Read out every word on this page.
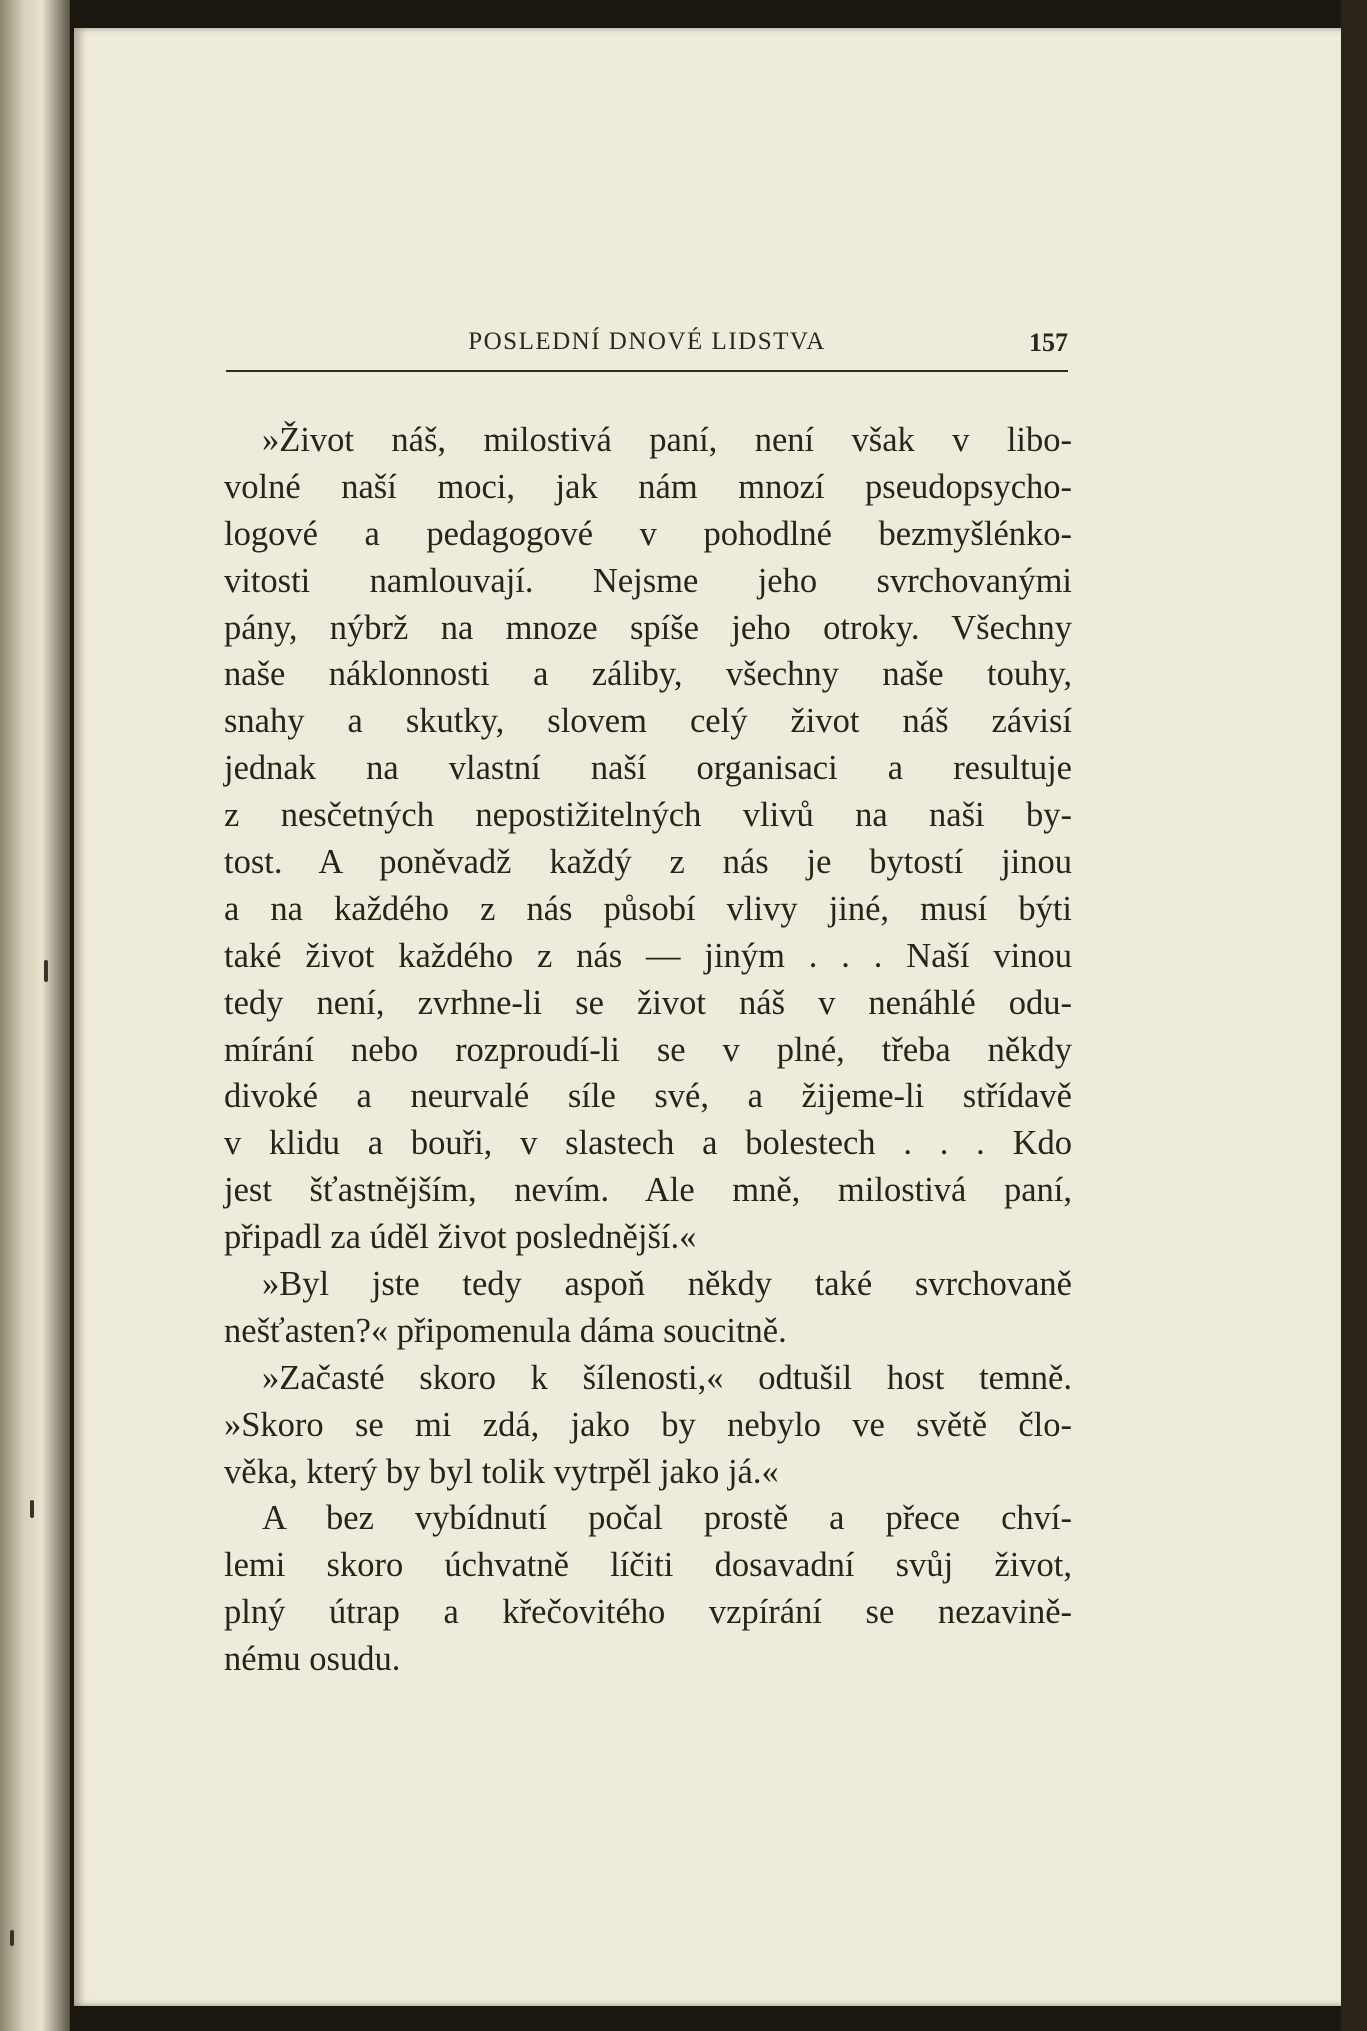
POSLEDNÍ DNOVÉ LIDSTVA	157
»Život náš, milostivá paní, není však v libo-
volné naší moci, jak nám mnozí pseudopsycho-
logové a pedagogové v pohodlné bezmyšlénko-
vitosti namlouvají. Nejsme jeho svrchovanými
pány, nýbrž na mnoze spíše jeho otroky. Všechny
naše náklonnosti a záliby, všechny naše touhy,
snahy a skutky, slovem celý život náš závisí
jednak na vlastní naší organisaci a resultuje
z nesčetných nepostižitelných vlivů na naši by-
tost. A poněvadž každý z nás je bytostí jinou
a na každého z nás působí vlivy jiné, musí býti
také život každého z nás — jiným . . . Naší vinou
tedy není, zvrhne-li se život náš v nenáhlé odu-
mírání nebo rozproudí-li se v plné, třeba někdy
divoké a neurvalé síle své, a žijeme-li střídavě
v klidu a bouři, v slastech a bolestech . . . Kdo
jest šťastnějším, nevím. Ale mně, milostivá paní,
připadl za úděl život poslednější.«
»Byl jste tedy aspoň někdy také svrchovaně
nešťasten?« připomenula dáma soucitně.
»Začasté skoro k šílenosti,« odtušil host temně.
»Skoro se mi zdá, jako by nebylo ve světě člo-
věka, který by byl tolik vytrpěl jako já.«
A bez vybídnutí počal prostě a přece chví-
lemi skoro úchvatně líčiti dosavadní svůj život,
plný útrap a křečovitého vzpírání se nezavině-
nému osudu.
